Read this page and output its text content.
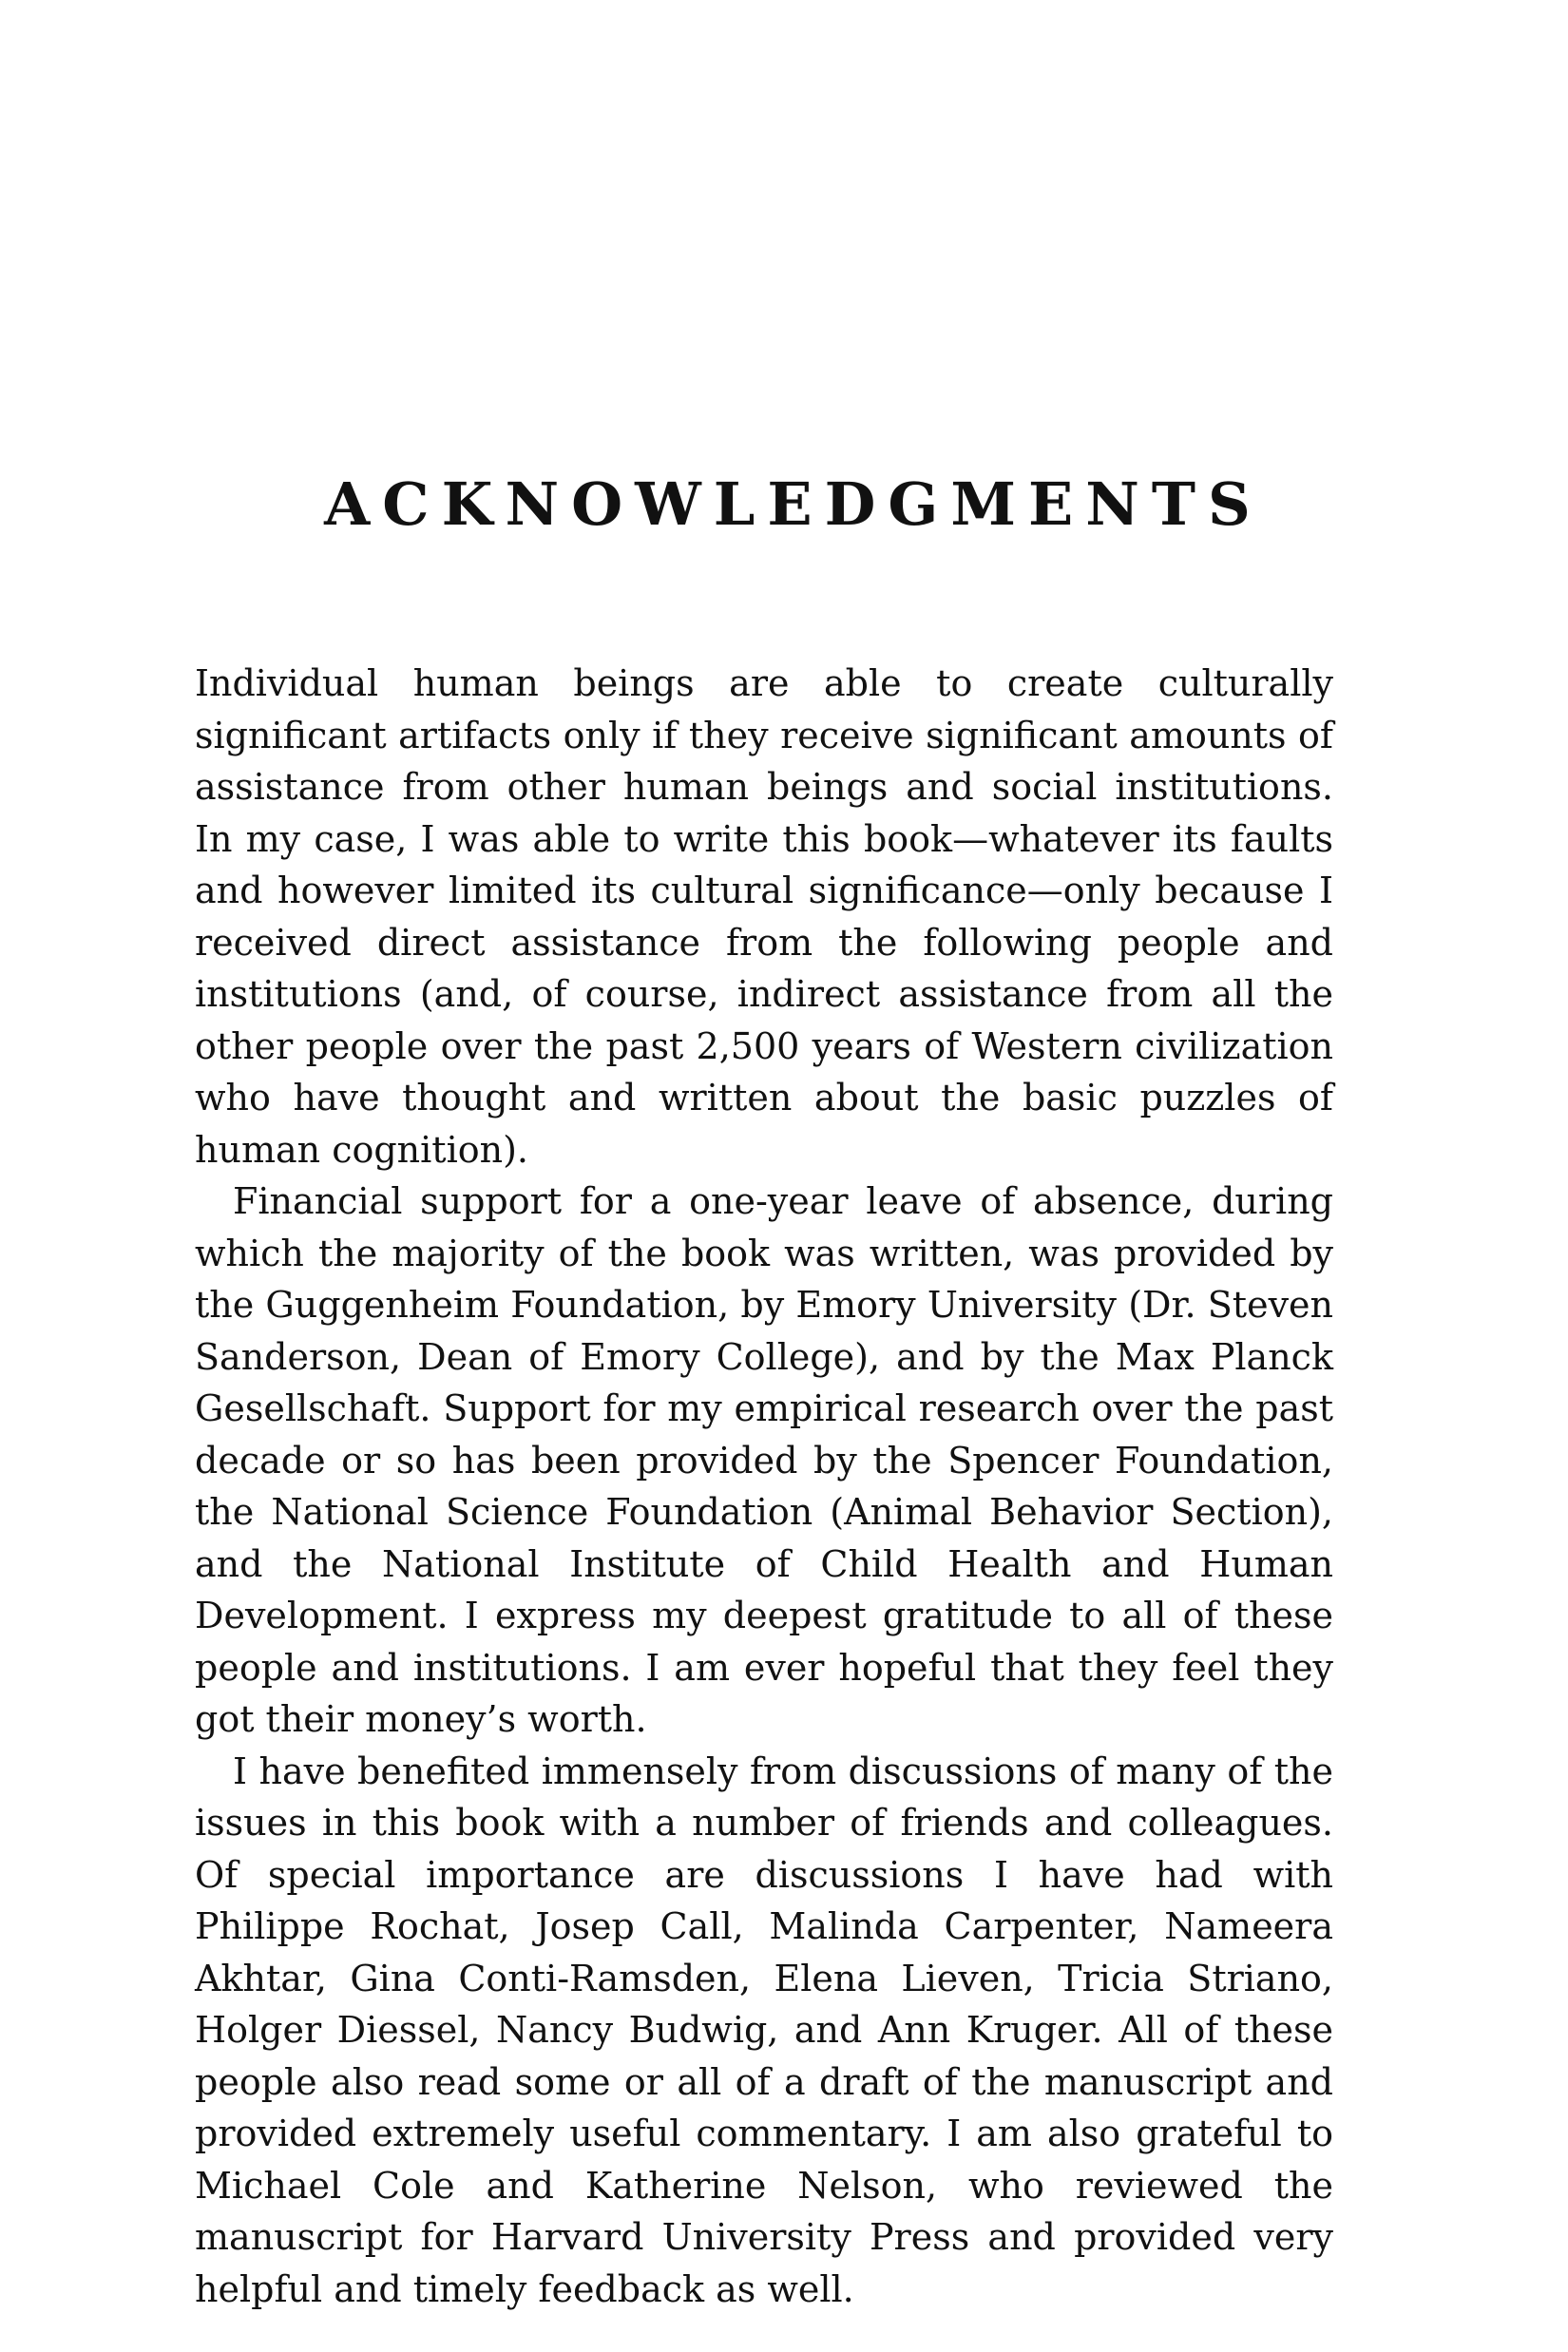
ACKNOWLEDGMENTS

Individual human beings are able to create culturally significant artifacts only if they receive significant amounts of assistance from other human beings and social institutions. In my case, I was able to write this book—whatever its faults and however limited its cultural significance—only because I received direct assistance from the following people and institutions (and, of course, indirect assistance from all the other people over the past 2,500 years of Western civilization who have thought and written about the basic puzzles of human cognition).

Financial support for a one-year leave of absence, during which the majority of the book was written, was provided by the Guggenheim Foundation, by Emory University (Dr. Steven Sanderson, Dean of Emory College), and by the Max Planck Gesellschaft. Support for my empirical research over the past decade or so has been provided by the Spencer Foundation, the National Science Foundation (Animal Behavior Section), and the National Institute of Child Health and Human Development. I express my deepest gratitude to all of these people and institutions. I am ever hopeful that they feel they got their money’s worth.

I have benefited immensely from discussions of many of the issues in this book with a number of friends and colleagues. Of special importance are discussions I have had with Philippe Rochat, Josep Call, Malinda Carpenter, Nameera Akhtar, Gina Conti-Ramsden, Elena Lieven, Tricia Striano, Holger Diessel, Nancy Budwig, and Ann Kruger. All of these people also read some or all of a draft of the manuscript and provided extremely useful commentary. I am also grateful to Michael Cole and Katherine Nelson, who reviewed the manuscript for Harvard University Press and provided very helpful and timely feedback as well.
